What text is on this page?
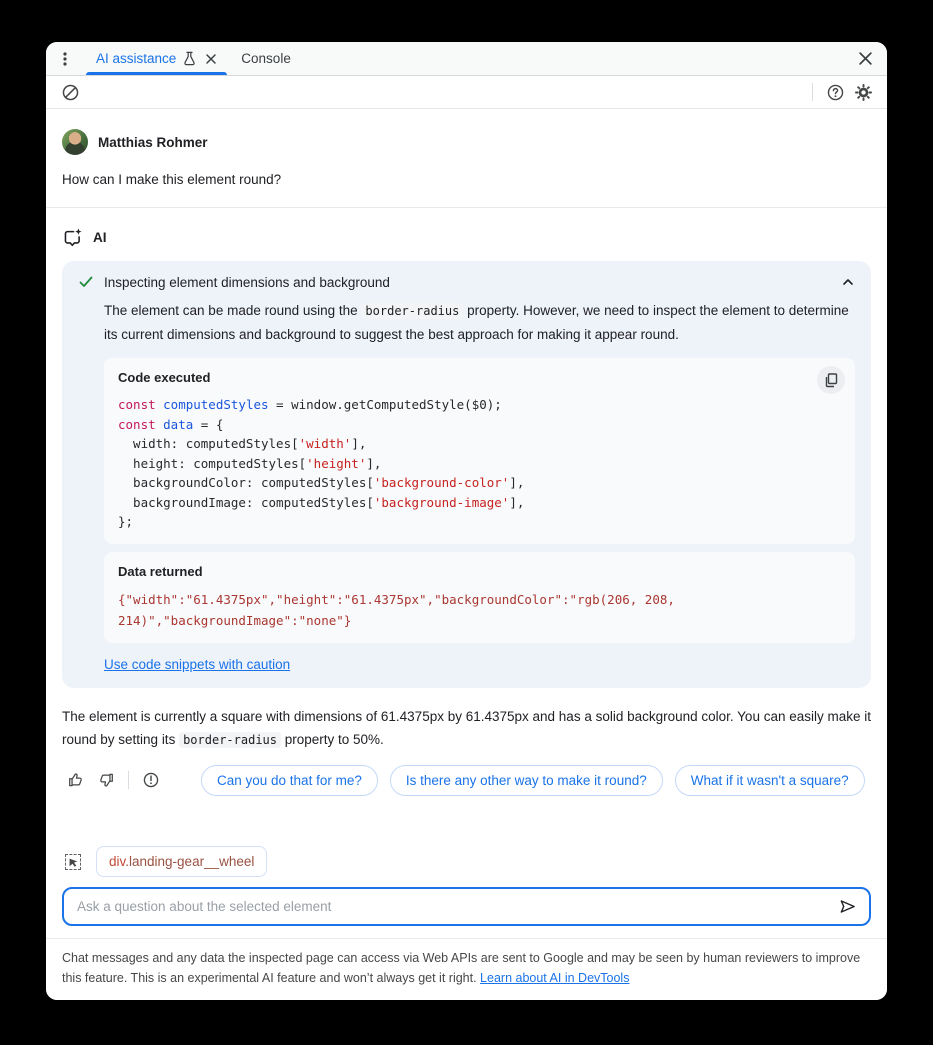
AI assistance	Console
Matthias Rohmer
How can I make this element round?
AI
Inspecting element dimensions and background

The element can be made round using the border-radius property. However, we need to inspect the element to determine its current dimensions and background to suggest the best approach for making it appear round.

Code executed
const computedStyles = window.getComputedStyle($0);
const data = {
width: computedStyles['width'],
height: computedStyles['height'],
backgroundColor: computedStyles['background-color'],
backgroundImage: computedStyles['background-image'],
};
Data returned
{"width":"61.4375px","height":"61.4375px","backgroundColor":"rgb(206, 208, 214)","backgroundImage":"none"}
Use code snippets with caution

The element is currently a square with dimensions of 61.4375px by 61.4375px and has a solid background color. You can easily make it round by setting its border-radius property to 50%.

Can you do that for me?	Is there any other way to make it round?	What if it wasn't a square?
div.landing-gear__wheel
Ask a question about the selected element
Chat messages and any data the inspected page can access via Web APIs are sent to Google and may be seen by human reviewers to improve this feature. This is an experimental AI feature and won’t always get it right. Learn about AI in DevTools
